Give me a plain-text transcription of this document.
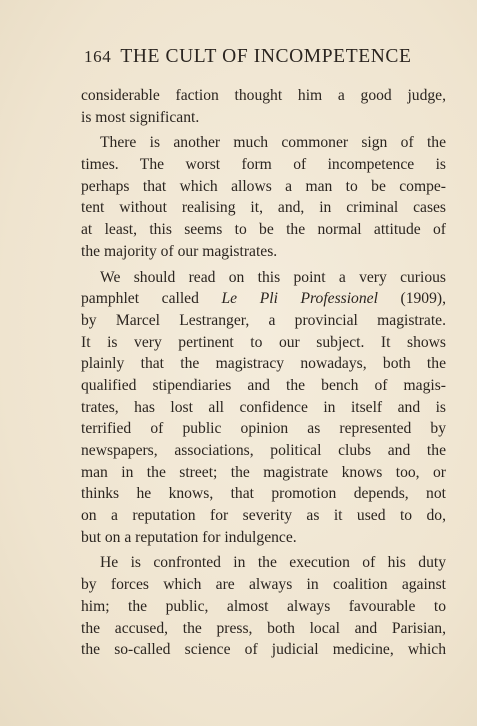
164 THE CULT OF INCOMPETENCE
considerable faction thought him a good judge,
is most significant.
There is another much commoner sign of the
times. The worst form of incompetence is
perhaps that which allows a man to be compe-
tent without realising it, and, in criminal cases
at least, this seems to be the normal attitude of
the majority of our magistrates.
We should read on this point a very curious
pamphlet called Le Pli Professionel (1909),
by Marcel Lestranger, a provincial magistrate.
It is very pertinent to our subject. It shows
plainly that the magistracy nowadays, both the
qualified stipendiaries and the bench of magis-
trates, has lost all confidence in itself and is
terrified of public opinion as represented by
newspapers, associations, political clubs and the
man in the street; the magistrate knows too, or
thinks he knows, that promotion depends, not
on a reputation for severity as it used to do,
but on a reputation for indulgence.
He is confronted in the execution of his duty
by forces which are always in coalition against
him; the public, almost always favourable to
the accused, the press, both local and Parisian,
the so-called science of judicial medicine, which
